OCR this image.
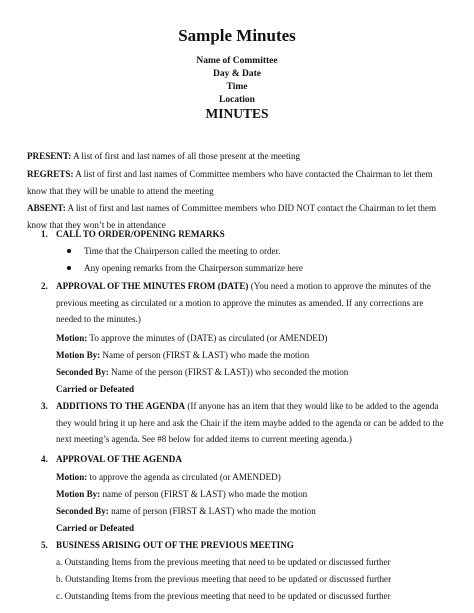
Sample Minutes
Name of Committee
Day & Date
Time
Location
MINUTES
PRESENT: A list of first and last names of all those present at the meeting
REGRETS: A list of first and last names of Committee members who have contacted the Chairman to let them know that they will be unable to attend the meeting
ABSENT: A list of first and last names of Committee members who DID NOT contact the Chairman to let them know that they won’t be in attendance
1. CALL TO ORDER/OPENING REMARKS
Time that the Chairperson called the meeting to order.
Any opening remarks from the Chairperson summarize here
2. APPROVAL OF THE MINUTES FROM (DATE) (You need a motion to approve the minutes of the previous meeting as circulated or a motion to approve the minutes as amended. If any corrections are needed to the minutes.)
Motion: To approve the minutes of (DATE) as circulated (or AMENDED)
Motion By: Name of person (FIRST & LAST) who made the motion
Seconded By: Name of the person (FIRST & LAST)) who seconded the motion
Carried or Defeated
3. ADDITIONS TO THE AGENDA (If anyone has an item that they would like to be added to the agenda they would bring it up here and ask the Chair if the item maybe added to the agenda or can be added to the next meeting’s agenda. See #8 below for added items to current meeting agenda.)
4. APPROVAL OF THE AGENDA
Motion: to approve the agenda as circulated (or AMENDED)
Motion By: name of person (FIRST & LAST) who made the motion
Seconded By: name of person (FIRST & LAST) who made the motion
Carried or Defeated
5. BUSINESS ARISING OUT OF THE PREVIOUS MEETING
a. Outstanding Items from the previous meeting that need to be updated or discussed further
b. Outstanding Items from the previous meeting that need to be updated or discussed further
c. Outstanding Items from the previous meeting that need to be updated or discussed further
